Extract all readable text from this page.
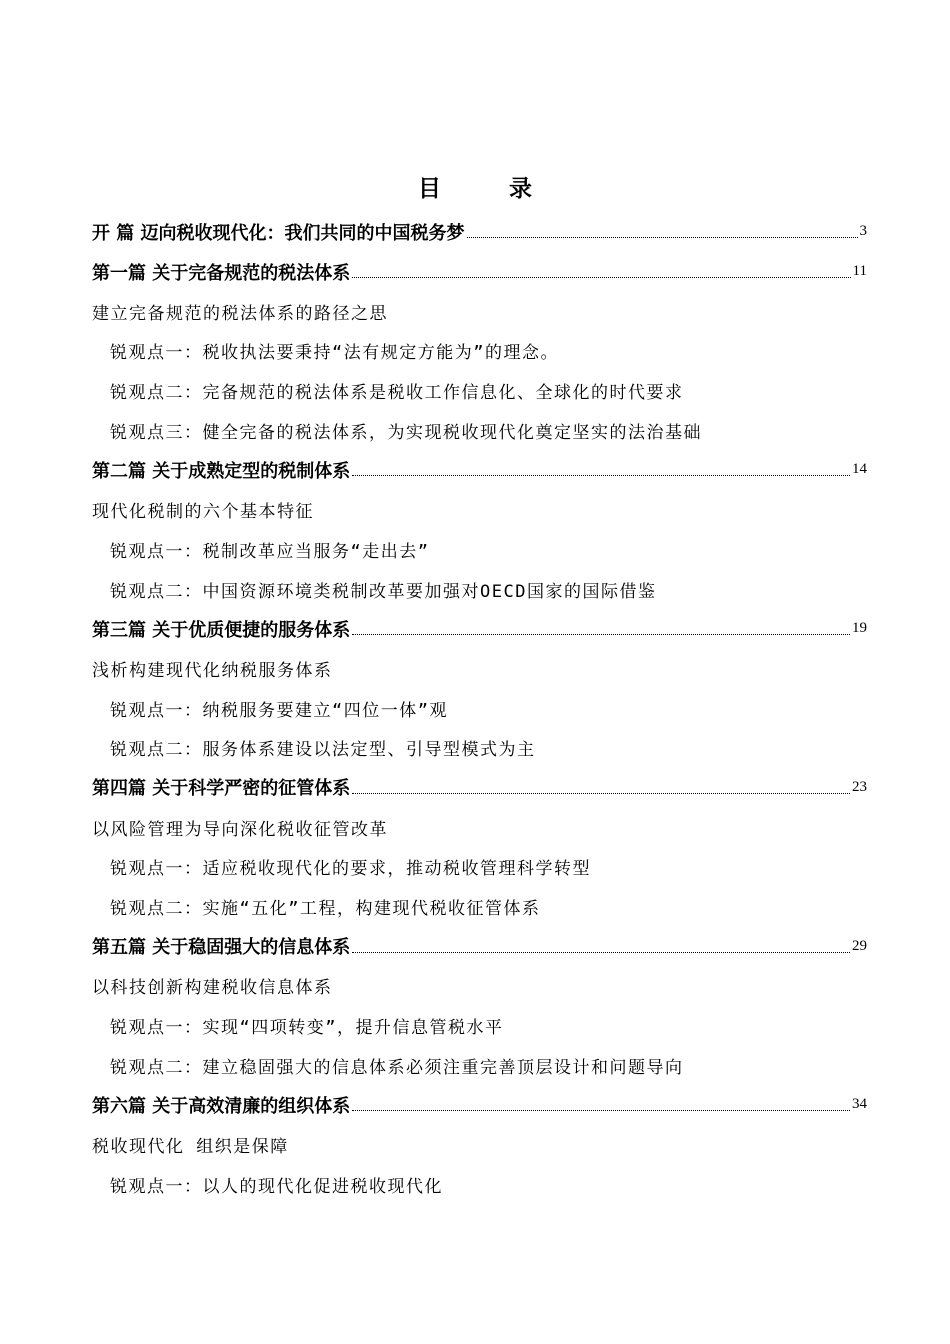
目 录
开 篇 迈向税收现代化：我们共同的中国税务梦	3
第一篇 关于完备规范的税法体系	11
建立完备规范的税法体系的路径之思
锐观点一：税收执法要秉持“法有规定方能为”的理念。
锐观点二：完备规范的税法体系是税收工作信息化、全球化的时代要求
锐观点三：健全完备的税法体系，为实现税收现代化奠定坚实的法治基础
第二篇 关于成熟定型的税制体系	14
现代化税制的六个基本特征
锐观点一：税制改革应当服务“走出去”
锐观点二：中国资源环境类税制改革要加强对OECD国家的国际借鉴
第三篇 关于优质便捷的服务体系	19
浅析构建现代化纳税服务体系
锐观点一：纳税服务要建立“四位一体”观
锐观点二：服务体系建设以法定型、引导型模式为主
第四篇 关于科学严密的征管体系	23
以风险管理为导向深化税收征管改革
锐观点一：适应税收现代化的要求，推动税收管理科学转型
锐观点二：实施“五化”工程，构建现代税收征管体系
第五篇 关于稳固强大的信息体系	29
以科技创新构建税收信息体系
锐观点一：实现“四项转变”，提升信息管税水平
锐观点二：建立稳固强大的信息体系必须注重完善顶层设计和问题导向
第六篇 关于高效清廉的组织体系	34
税收现代化 组织是保障
锐观点一：以人的现代化促进税收现代化
